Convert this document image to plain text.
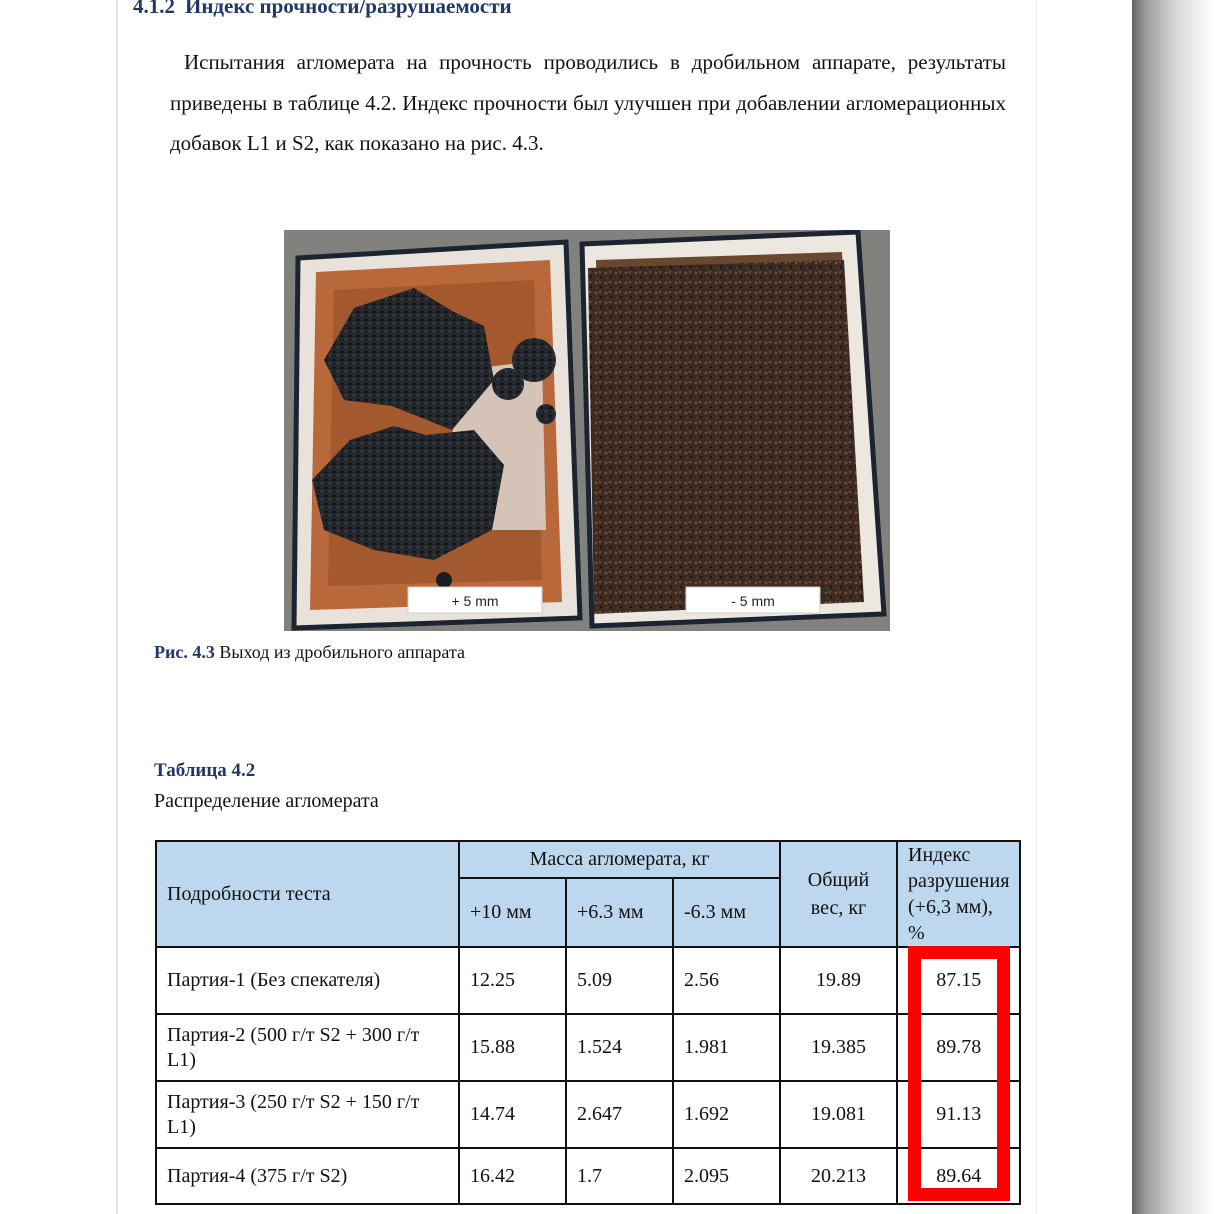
4.1.2 Индекс прочности/разрушаемости

Испытания агломерата на прочность проводились в дробильном аппарате, результаты приведены в таблице 4.2. Индекс прочности был улучшен при добавлении агломерационных добавок L1 и S2, как показано на рис. 4.3.

+ 5 mm	- 5 mm

Рис. 4.3 Выход из дробильного аппарата

Таблица 4.2

Распределение агломерата

Подробности теста	Масса агломерата, кг			Общий вес, кг	Индекс разрушения (+6,3 мм), %
	+10 мм	+6.3 мм	-6.3 мм		
Партия-1 (Без спекателя)	12.25	5.09	2.56	19.89	87.15
Партия-2 (500 г/т S2 + 300 г/т L1)	15.88	1.524	1.981	19.385	89.78
Партия-3 (250 г/т S2 + 150 г/т L1)	14.74	2.647	1.692	19.081	91.13
Партия-4 (375 г/т S2)	16.42	1.7	2.095	20.213	89.64
